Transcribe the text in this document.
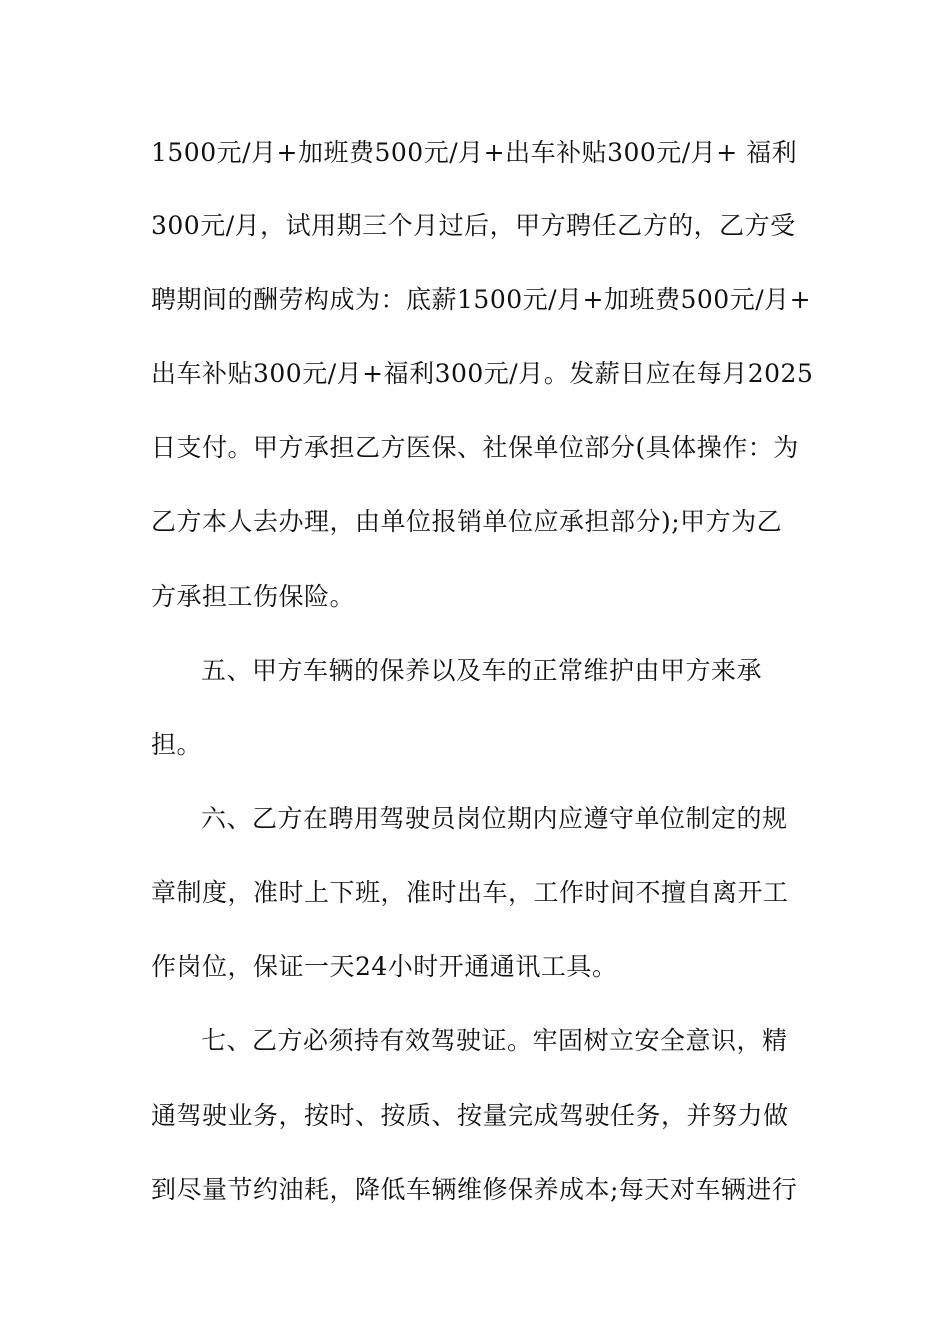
1500元/月+加班费500元/月+出车补贴300元/月+ 福利
300元/月，试用期三个月过后，甲方聘任乙方的，乙方受
聘期间的酬劳构成为：底薪1500元/月+加班费500元/月+
出车补贴300元/月+福利300元/月。发薪日应在每月2025
日支付。甲方承担乙方医保、社保单位部分(具体操作：为
乙方本人去办理，由单位报销单位应承担部分);甲方为乙
方承担工伤保险。
五、甲方车辆的保养以及车的正常维护由甲方来承
担。
六、乙方在聘用驾驶员岗位期内应遵守单位制定的规
章制度，准时上下班，准时出车，工作时间不擅自离开工
作岗位，保证一天24小时开通通讯工具。
七、乙方必须持有效驾驶证。牢固树立安全意识，精
通驾驶业务，按时、按质、按量完成驾驶任务，并努力做
到尽量节约油耗，降低车辆维修保养成本;每天对车辆进行
